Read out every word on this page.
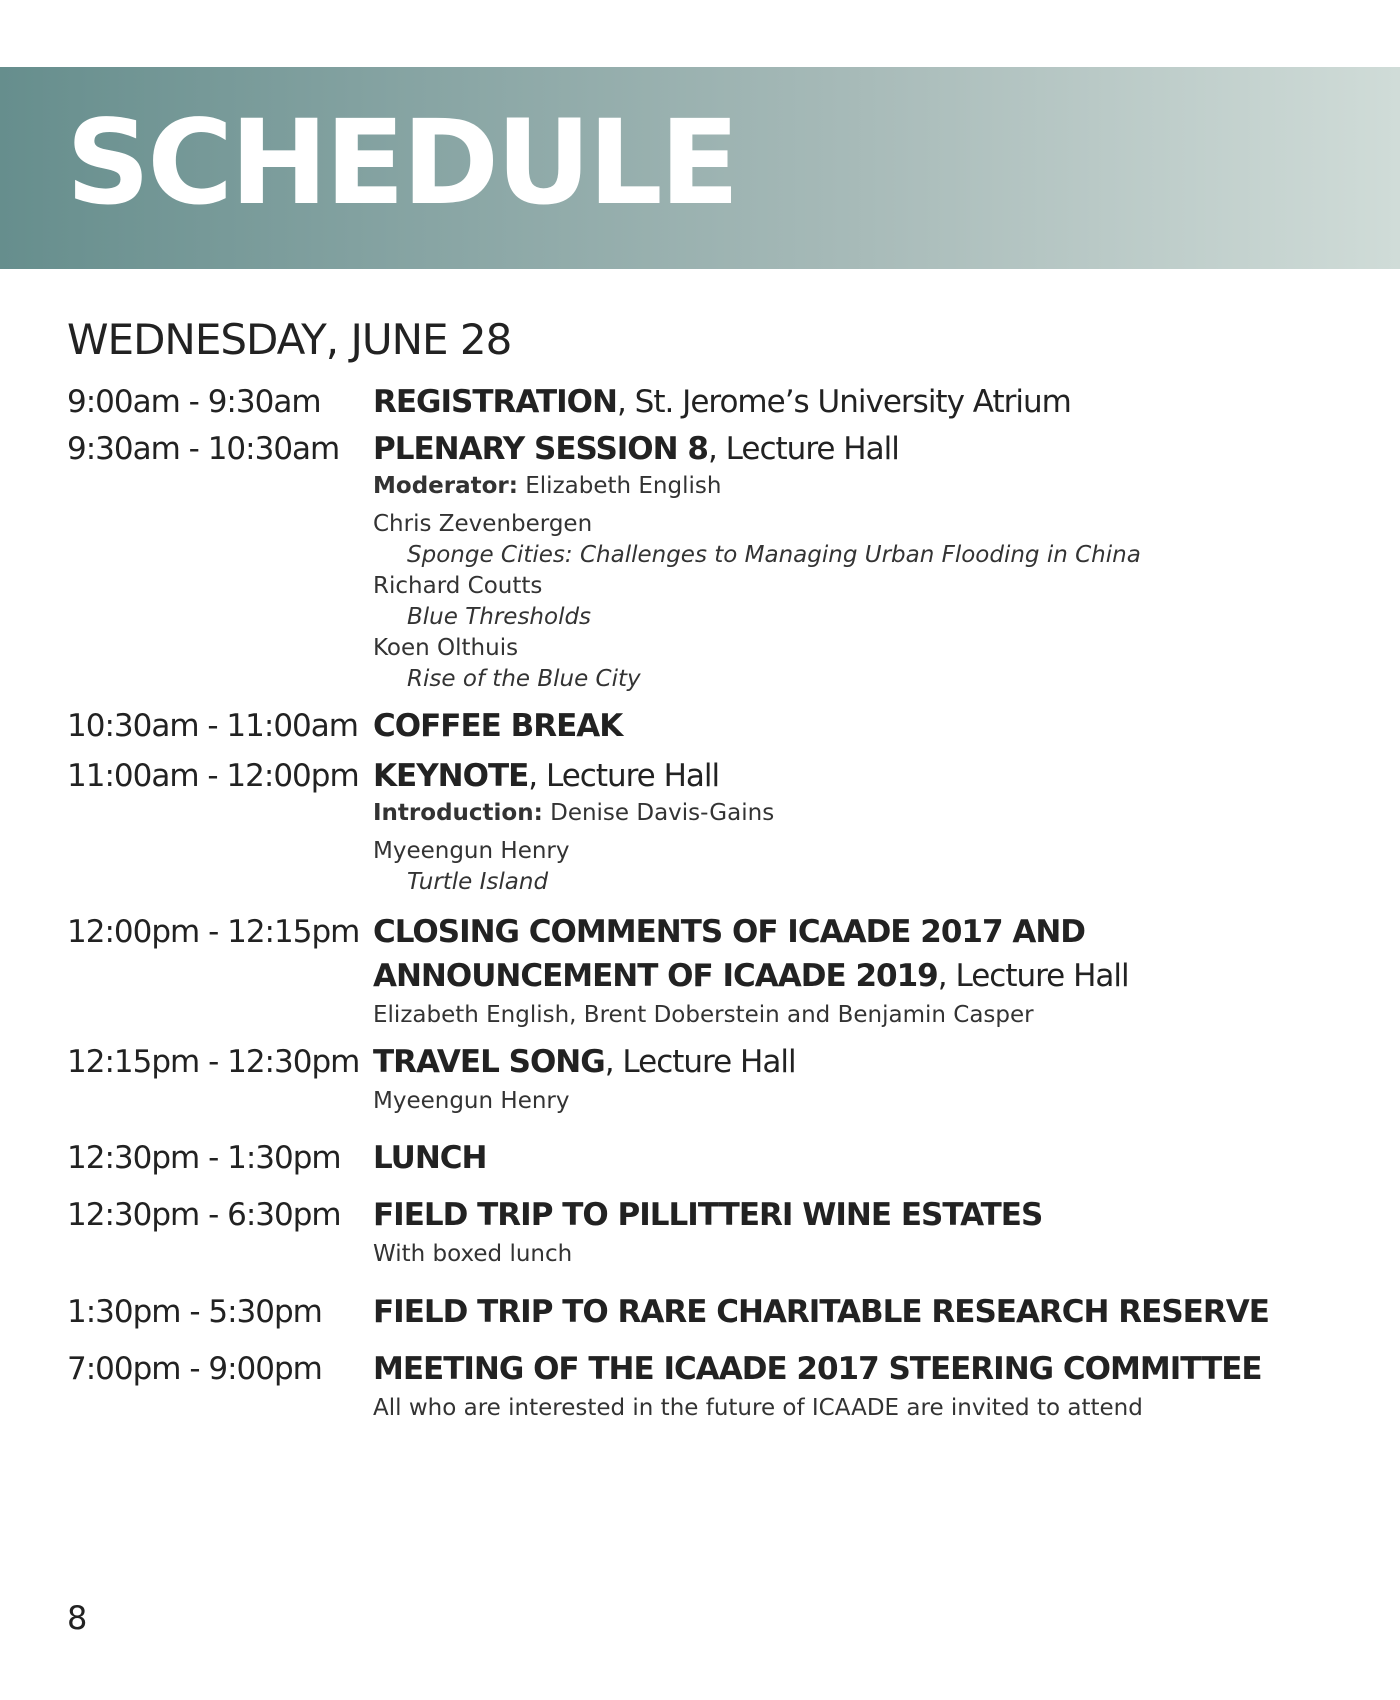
SCHEDULE
WEDNESDAY, JUNE 28
9:00am - 9:30am	REGISTRATION, St. Jerome’s University Atrium
9:30am - 10:30am	PLENARY SESSION 8, Lecture Hall
Moderator: Elizabeth English
Chris Zevenbergen
Sponge Cities: Challenges to Managing Urban Flooding in China
Richard Coutts
Blue Thresholds
Koen Olthuis
Rise of the Blue City
10:30am - 11:00am COFFEE BREAK
11:00am - 12:00pm KEYNOTE, Lecture Hall
Introduction: Denise Davis-Gains
Myeengun Henry
Turtle Island
12:00pm - 12:15pm CLOSING COMMENTS OF ICAADE 2017 AND
ANNOUNCEMENT OF ICAADE 2019, Lecture Hall
Elizabeth English, Brent Doberstein and Benjamin Casper
12:15pm - 12:30pm TRAVEL SONG, Lecture Hall
Myeengun Henry
12:30pm - 1:30pm	LUNCH
12:30pm - 6:30pm	FIELD TRIP TO PILLITTERI WINE ESTATES
With boxed lunch
1:30pm - 5:30pm	FIELD TRIP TO RARE CHARITABLE RESEARCH RESERVE
7:00pm - 9:00pm	MEETING OF THE ICAADE 2017 STEERING COMMITTEE
All who are interested in the future of ICAADE are invited to attend
8
